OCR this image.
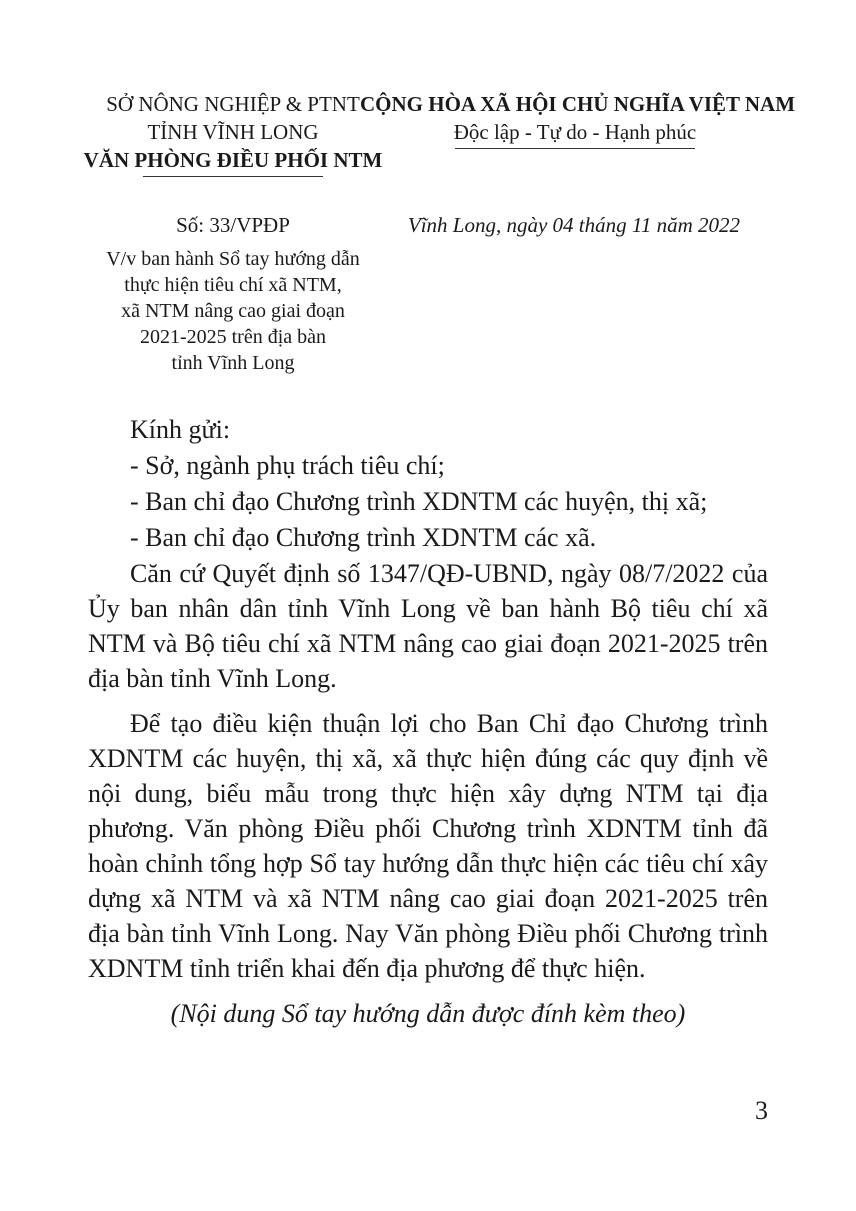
SỞ NÔNG NGHIỆP & PTNT
TỈNH VĨNH LONG
VĂN PHÒNG ĐIỀU PHỐI NTM
CỘNG HÒA XÃ HỘI CHỦ NGHĨA VIỆT NAM
Độc lập - Tự do - Hạnh phúc
Số: 33/VPĐP
V/v ban hành Sổ tay hướng dẫn
thực hiện tiêu chí xã NTM,
xã NTM nâng cao giai đoạn
2021-2025 trên địa bàn
tỉnh Vĩnh Long
Vĩnh Long, ngày 04 tháng 11 năm 2022
Kính gửi:
- Sở, ngành phụ trách tiêu chí;
- Ban chỉ đạo Chương trình XDNTM các huyện, thị xã;
- Ban chỉ đạo Chương trình XDNTM các xã.

Căn cứ Quyết định số 1347/QĐ-UBND, ngày 08/7/2022 của Ủy ban nhân dân tỉnh Vĩnh Long về ban hành Bộ tiêu chí xã NTM và Bộ tiêu chí xã NTM nâng cao giai đoạn 2021-2025 trên địa bàn tỉnh Vĩnh Long.

Để tạo điều kiện thuận lợi cho Ban Chỉ đạo Chương trình XDNTM các huyện, thị xã, xã thực hiện đúng các quy định về nội dung, biểu mẫu trong thực hiện xây dựng NTM tại địa phương. Văn phòng Điều phối Chương trình XDNTM tỉnh đã hoàn chỉnh tổng hợp Sổ tay hướng dẫn thực hiện các tiêu chí xây dựng xã NTM và xã NTM nâng cao giai đoạn 2021-2025 trên địa bàn tỉnh Vĩnh Long. Nay Văn phòng Điều phối Chương trình XDNTM tỉnh triển khai đến địa phương để thực hiện.

(Nội dung Sổ tay hướng dẫn được đính kèm theo)
3
